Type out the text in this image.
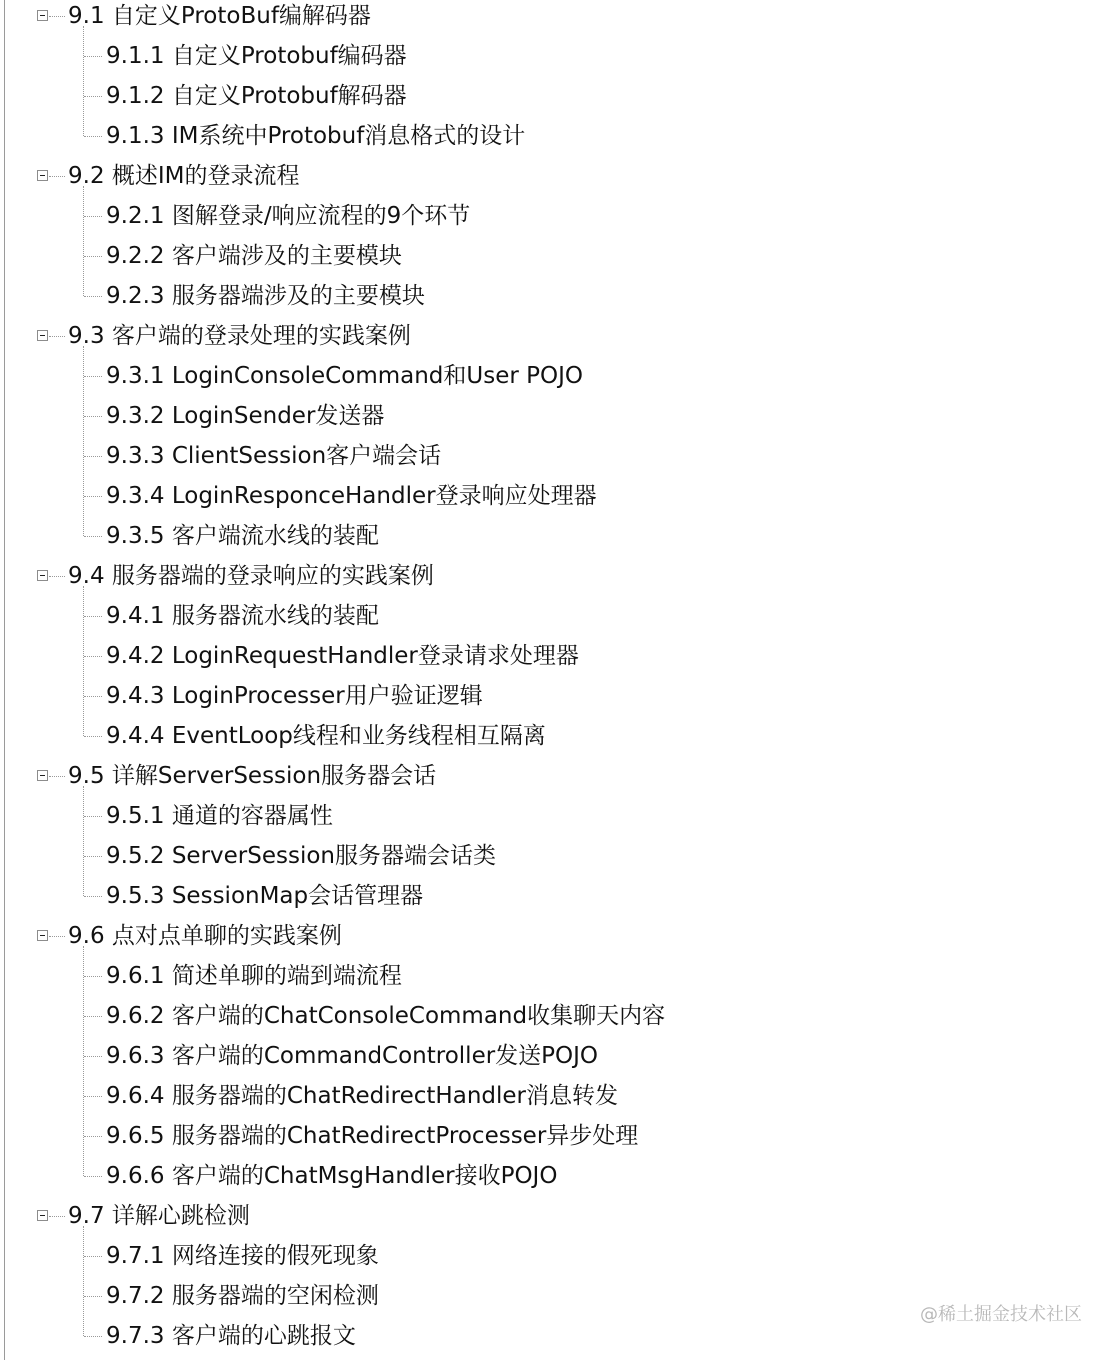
9.1 自定义ProtoBuf编解码器
9.1.1 自定义Protobuf编码器
9.1.2 自定义Protobuf解码器
9.1.3 IM系统中Protobuf消息格式的设计
9.2 概述IM的登录流程
9.2.1 图解登录/响应流程的9个环节
9.2.2 客户端涉及的主要模块
9.2.3 服务器端涉及的主要模块
9.3 客户端的登录处理的实践案例
9.3.1 LoginConsoleCommand和User POJO
9.3.2 LoginSender发送器
9.3.3 ClientSession客户端会话
9.3.4 LoginResponceHandler登录响应处理器
9.3.5 客户端流水线的装配
9.4 服务器端的登录响应的实践案例
9.4.1 服务器流水线的装配
9.4.2 LoginRequestHandler登录请求处理器
9.4.3 LoginProcesser用户验证逻辑
9.4.4 EventLoop线程和业务线程相互隔离
9.5 详解ServerSession服务器会话
9.5.1 通道的容器属性
9.5.2 ServerSession服务器端会话类
9.5.3 SessionMap会话管理器
9.6 点对点单聊的实践案例
9.6.1 简述单聊的端到端流程
9.6.2 客户端的ChatConsoleCommand收集聊天内容
9.6.3 客户端的CommandController发送POJO
9.6.4 服务器端的ChatRedirectHandler消息转发
9.6.5 服务器端的ChatRedirectProcesser异步处理
9.6.6 客户端的ChatMsgHandler接收POJO
9.7 详解心跳检测
9.7.1 网络连接的假死现象
9.7.2 服务器端的空闲检测
9.7.3 客户端的心跳报文
@稀土掘金技术社区
